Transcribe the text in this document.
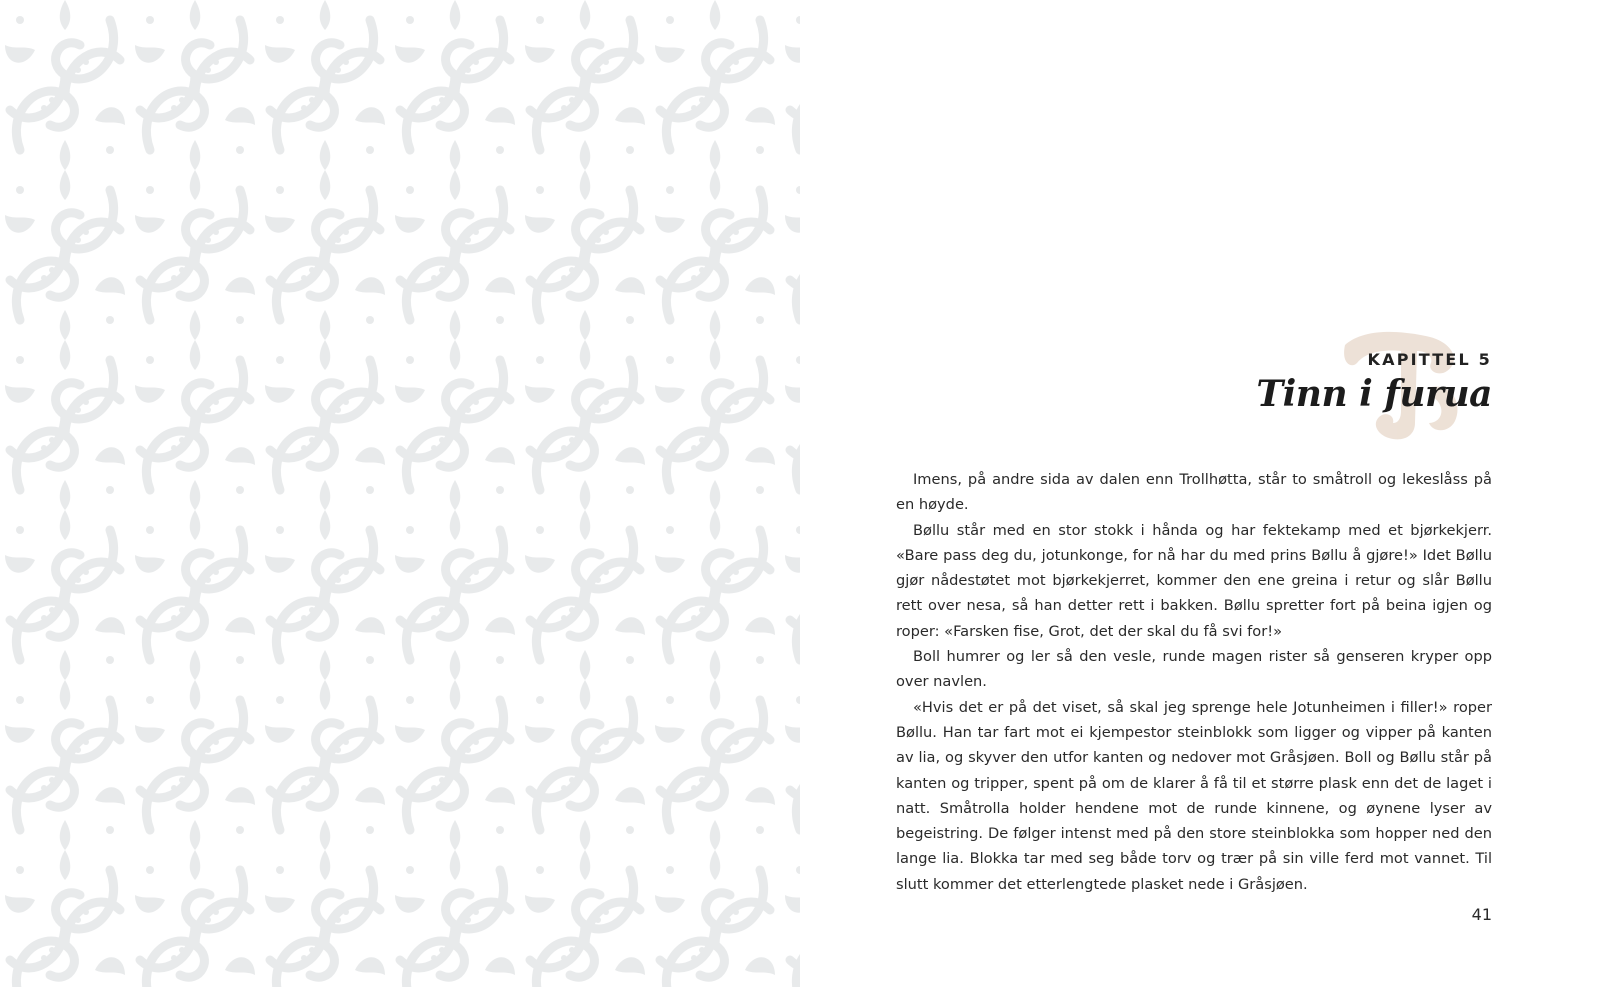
KAPITTEL 5
Tinn i furua

Imens, på andre sida av dalen enn Trollhøtta, står to småtroll og lekeslåss på en høyde.

Bøllu står med en stor stokk i hånda og har fektekamp med et bjørkekjerr. «Bare pass deg du, jotunkonge, for nå har du med prins Bøllu å gjøre!» Idet Bøllu gjør nådestøtet mot bjørkekjerret, kommer den ene greina i retur og slår Bøllu rett over nesa, så han detter rett i bakken. Bøllu spretter fort på beina igjen og roper: «Farsken fise, Grot, det der skal du få svi for!»

Boll humrer og ler så den vesle, runde magen rister så genseren kryper opp over navlen.

«Hvis det er på det viset, så skal jeg sprenge hele Jotunheimen i filler!» roper Bøllu. Han tar fart mot ei kjempestor steinblokk som ligger og vipper på kanten av lia, og skyver den utfor kanten og nedover mot Gråsjøen. Boll og Bøllu står på kanten og tripper, spent på om de klarer å få til et større plask enn det de laget i natt. Småtrolla holder hendene mot de runde kinnene, og øynene lyser av begeistring. De følger intenst med på den store steinblokka som hopper ned den lange lia. Blokka tar med seg både torv og trær på sin ville ferd mot vannet. Til slutt kommer det etterlengtede plasket nede i Gråsjøen.

41
